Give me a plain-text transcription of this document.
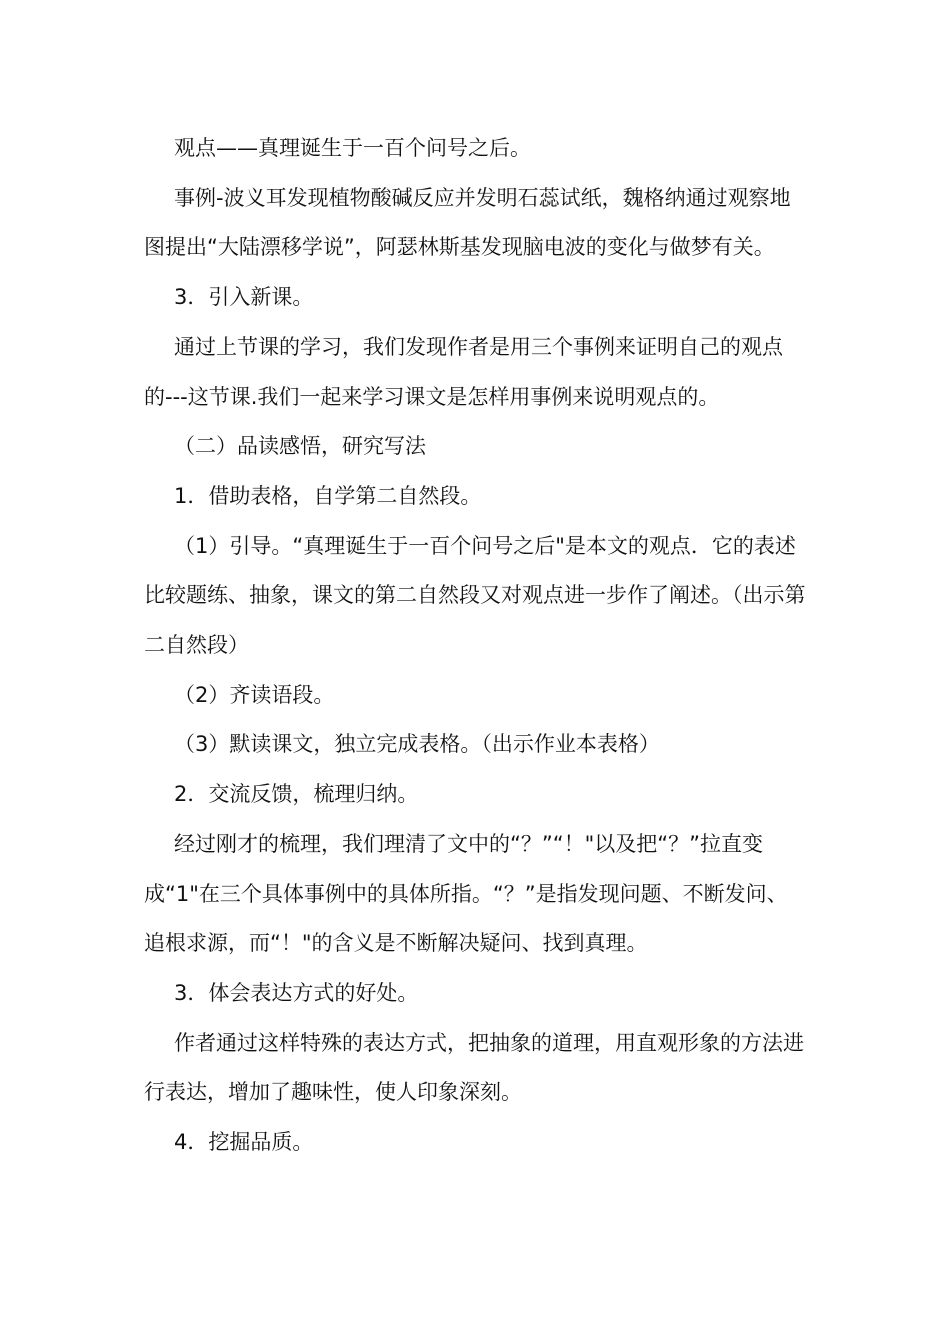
观点——真理诞生于一百个问号之后。

事例-波义耳发现植物酸碱反应并发明石蕊试纸，魏格纳通过观察地图提出“大陆漂移学说”，阿瑟林斯基发现脑电波的变化与做梦有关。

3．引入新课。

通过上节课的学习，我们发现作者是用三个事例来证明自己的观点的---这节课.我们一起来学习课文是怎样用事例来说明观点的。

（二）品读感悟，研究写法

1．借助表格，自学第二自然段。

（1）引导。“真理诞生于一百个问号之后"是本文的观点．它的表述比较题练、抽象，课文的第二自然段又对观点进一步作了阐述。（出示第二自然段）

（2）齐读语段。

（3）默读课文，独立完成表格。（出示作业本表格）

2．交流反馈，梳理归纳。

经过刚才的梳理，我们理清了文中的“？”“！"以及把“？”拉直变成“1"在三个具体事例中的具体所指。“？”是指发现问题、不断发问、追根求源，而“！"的含义是不断解决疑问、找到真理。

3．体会表达方式的好处。

作者通过这样特殊的表达方式，把抽象的道理，用直观形象的方法进行表达，增加了趣味性，使人印象深刻。

4．挖掘品质。
